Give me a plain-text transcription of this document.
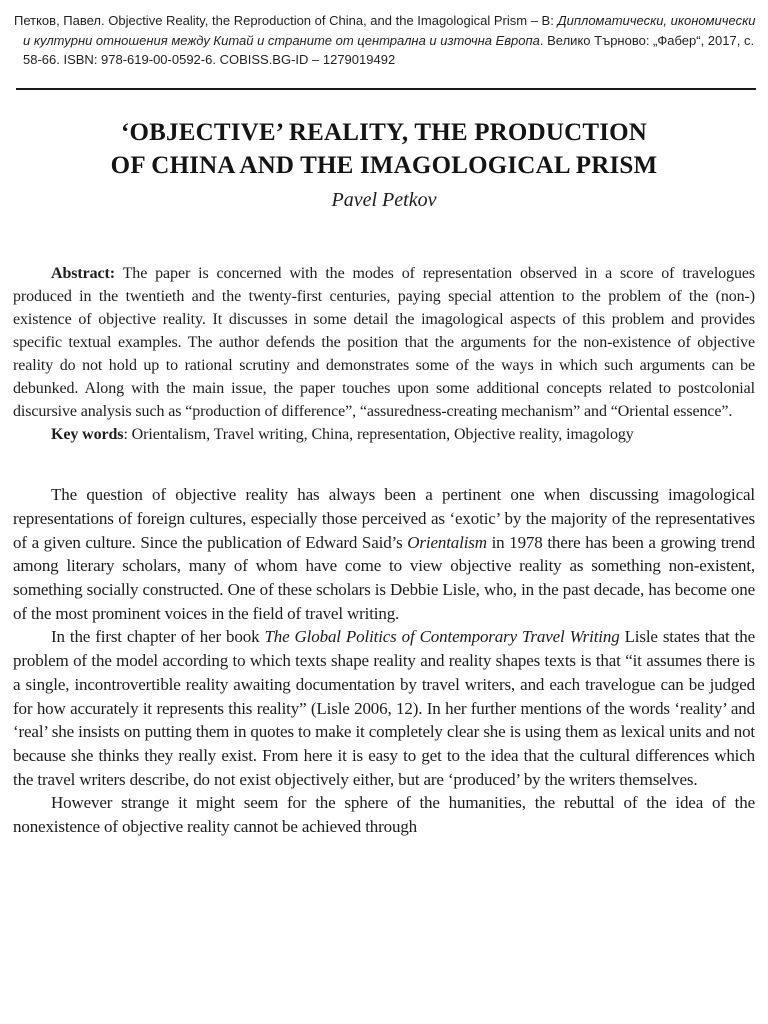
Петков, Павел. Objective Reality, the Reproduction of China, and the Imagological Prism – В: Дипломатически, икономически и културни отношения между Китай и страните от централна и източна Европа. Велико Търново: „Фабер“, 2017, с. 58-66. ISBN: 978-619-00-0592-6. COBISS.BG-ID – 1279019492

‘OBJECTIVE’ REALITY, THE PRODUCTION
OF CHINA AND THE IMAGOLOGICAL PRISM
Pavel Petkov

Abstract: The paper is concerned with the modes of representation observed in a score of travelogues produced in the twentieth and the twenty-first centuries, paying special attention to the problem of the (non-) existence of objective reality. It discusses in some detail the imagological aspects of this problem and provides specific textual examples. The author defends the position that the arguments for the non-existence of objective reality do not hold up to rational scrutiny and demonstrates some of the ways in which such arguments can be debunked. Along with the main issue, the paper touches upon some additional concepts related to postcolonial discursive analysis such as “production of difference”, “assuredness-creating mechanism” and “Oriental essence”.

Key words: Orientalism, Travel writing, China, representation, Objective reality, imagology

The question of objective reality has always been a pertinent one when discussing imagological representations of foreign cultures, especially those perceived as ‘exotic’ by the majority of the representatives of a given culture. Since the publication of Edward Said’s Orientalism in 1978 there has been a growing trend among literary scholars, many of whom have come to view objective reality as something non-existent, something socially constructed. One of these scholars is Debbie Lisle, who, in the past decade, has become one of the most prominent voices in the field of travel writing.

In the first chapter of her book The Global Politics of Contemporary Travel Writing Lisle states that the problem of the model according to which texts shape reality and reality shapes texts is that “it assumes there is a single, incontrovertible reality awaiting documentation by travel writers, and each travelogue can be judged for how accurately it represents this reality” (Lisle 2006, 12). In her further mentions of the words ‘reality’ and ‘real’ she insists on putting them in quotes to make it completely clear she is using them as lexical units and not because she thinks they really exist. From here it is easy to get to the idea that the cultural differences which the travel writers describe, do not exist objectively either, but are ‘produced’ by the writers themselves.

However strange it might seem for the sphere of the humanities, the rebuttal of the idea of the nonexistence of objective reality cannot be achieved through
